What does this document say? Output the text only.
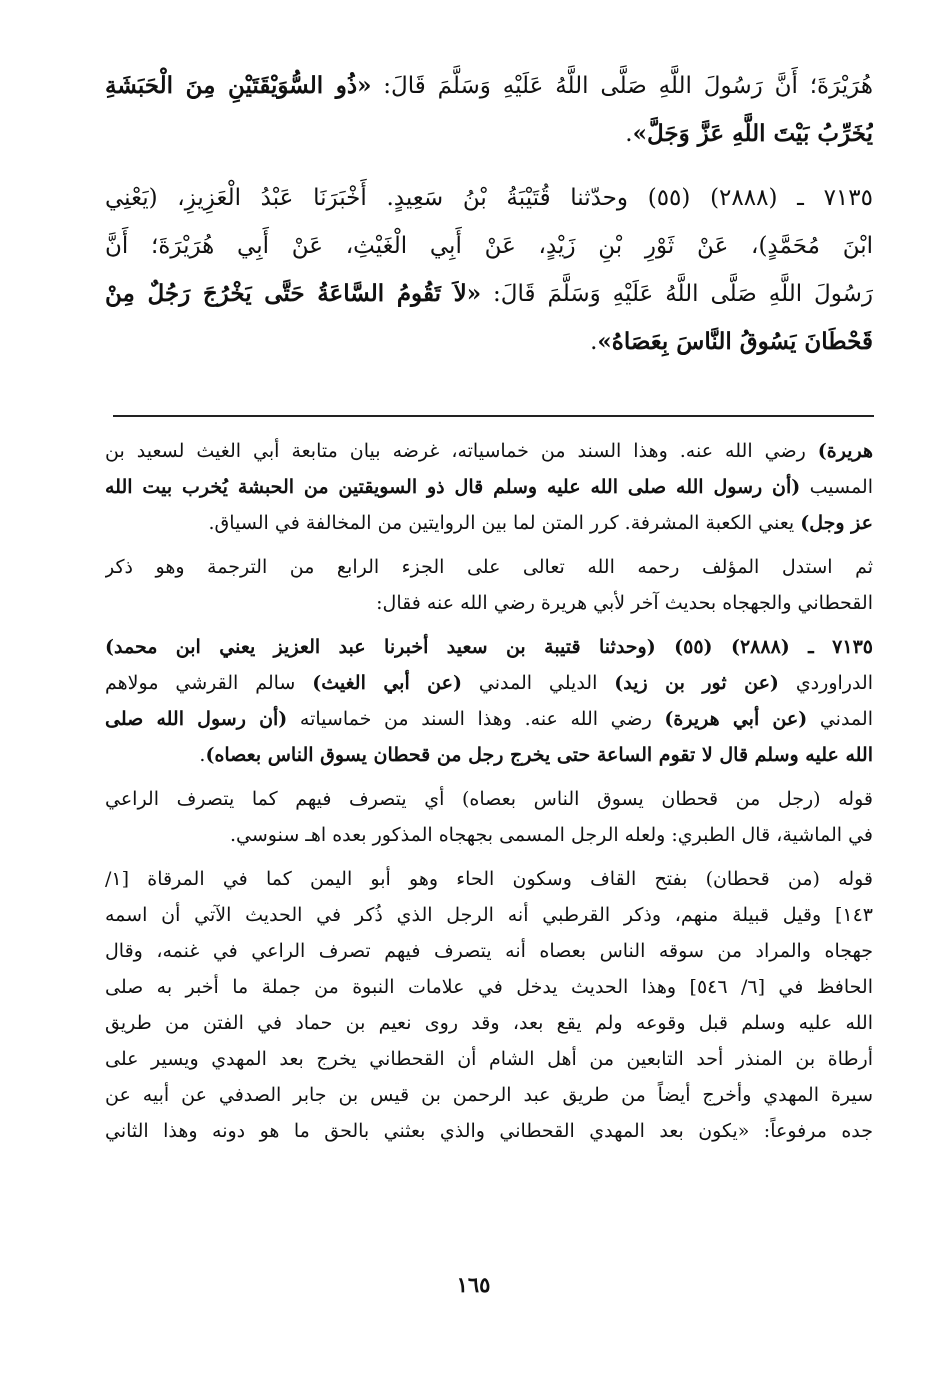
هُرَيْرَةَ؛ أَنَّ رَسُولَ اللَّهِ صَلَّى اللَّهُ عَلَيْهِ وَسَلَّمَ قَالَ: «ذُو السُّوَيْقَتَيْنِ مِنَ الْحَبَشَةِ
يُخَرِّبُ بَيْتَ اللَّهِ عَزَّ وَجَلَّ».
٧١٣٥ ـ (٢٨٨٨) (٥٥) وحدّثنا قُتَيْبَةُ بْنُ سَعِيدٍ. أَخْبَرَنَا عَبْدُ الْعَزِيزِ، (يَعْنِي
ابْنَ مُحَمَّدٍ)، عَنْ ثَوْرِ بْنِ زَيْدٍ، عَنْ أَبِي الْغَيْثِ، عَنْ أَبِي هُرَيْرَةَ؛ أَنَّ
رَسُولَ اللَّهِ صَلَّى اللَّهُ عَلَيْهِ وَسَلَّمَ قَالَ: «لاَ تَقُومُ السَّاعَةُ حَتَّى يَخْرُجَ رَجُلٌ مِنْ
قَحْطَانَ يَسُوقُ النَّاسَ بِعَصَاهُ».
هريرة) رضي الله عنه. وهذا السند من خماسياته، غرضه بيان متابعة أبي الغيث لسعيد بن
المسيب (أن رسول الله صلى الله عليه وسلم قال ذو السويقتين من الحبشة يُخرب بيت الله
عز وجل) يعني الكعبة المشرفة. كرر المتن لما بين الروايتين من المخالفة في السياق.
ثم استدل المؤلف رحمه الله تعالى على الجزء الرابع من الترجمة وهو ذكر
القحطاني والجهجاه بحديث آخر لأبي هريرة رضي الله عنه فقال:
٧١٣٥ ـ (٢٨٨٨) (٥٥) (وحدثنا قتيبة بن سعيد أخبرنا عبد العزيز يعني ابن محمد)
الدراوردي (عن ثور بن زيد) الديلي المدني (عن أبي الغيث) سالم القرشي مولاهم
المدني (عن أبي هريرة) رضي الله عنه. وهذا السند من خماسياته (أن رسول الله صلى
الله عليه وسلم قال لا تقوم الساعة حتى يخرج رجل من قحطان يسوق الناس بعصاه).
قوله (رجل من قحطان يسوق الناس بعصاه) أي يتصرف فيهم كما يتصرف الراعي
في الماشية، قال الطبري: ولعله الرجل المسمى بجهجاه المذكور بعده اهـ سنوسي.
قوله (من قحطان) بفتح القاف وسكون الحاء وهو أبو اليمن كما في المرقاة [١/
١٤٣] وقيل قبيلة منهم، وذكر القرطبي أنه الرجل الذي ذُكر في الحديث الآتي أن اسمه
جهجاه والمراد من سوقه الناس بعصاه أنه يتصرف فيهم تصرف الراعي في غنمه، وقال
الحافظ في [٦/ ٥٤٦] وهذا الحديث يدخل في علامات النبوة من جملة ما أخبر به صلى
الله عليه وسلم قبل وقوعه ولم يقع بعد، وقد روى نعيم بن حماد في الفتن من طريق
أرطاة بن المنذر أحد التابعين من أهل الشام أن القحطاني يخرج بعد المهدي ويسير على
سيرة المهدي وأخرج أيضاً من طريق عبد الرحمن بن قيس بن جابر الصدفي عن أبيه عن
جده مرفوعاً: «يكون بعد المهدي القحطاني والذي بعثني بالحق ما هو دونه وهذا الثاني
١٦٥
